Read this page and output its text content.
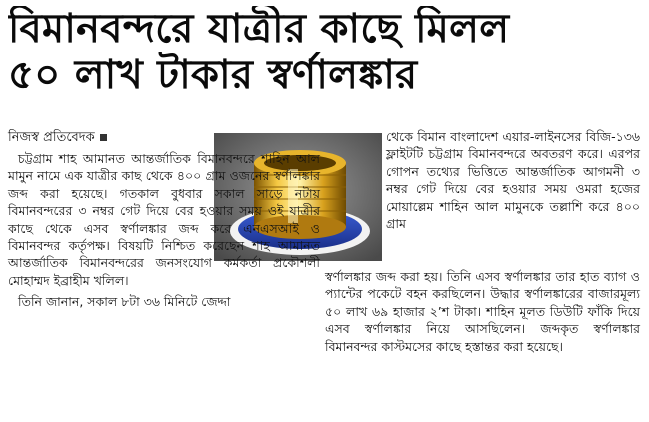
বিমানবন্দরে যাত্রীর কাছে মিলল
৫০ লাখ টাকার স্বর্ণালঙ্কার
নিজস্ব প্রতিবেদক

চট্টগ্রাম শাহ আমানত আন্তর্জাতিক বিমানবন্দরে শাহিন আল মামুন নামে এক যাত্রীর কাছ থেকে ৪০০ গ্রাম ওজনের স্বর্ণালঙ্কার জব্দ করা হয়েছে। গতকাল বুধবার সকাল সাড়ে নটায় বিমানবন্দরের ৩ নম্বর গেট দিয়ে বের হওয়ার সময় ওই যাত্রীর কাছে থেকে এসব স্বর্ণালঙ্কার জব্দ করে এনএসআই ও বিমানবন্দর কর্তৃপক্ষ। বিষয়টি নিশ্চিত করেছেন শাহ আমানত আন্তর্জাতিক বিমানবন্দরের জনসংযোগ কর্মকর্তা প্রকৌশলী মোহাম্মদ ইব্রাহীম খলিল।

তিনি জানান, সকাল ৮টা ৩৬ মিনিটে জেদ্দা

থেকে বিমান বাংলাদেশ এয়ার-লাইনসের বিজি-১৩৬ ফ্লাইটটি চট্টগ্রাম বিমানবন্দরে অবতরণ করে। এরপর গোপন তথ্যের ভিত্তিতে আন্তর্জাতিক আগমনী ৩ নম্বর গেট দিয়ে বের হওয়ার সময় ওমরা হজের মোয়াল্লেম শাহিন আল মামুনকে তল্লাশি করে ৪০০ গ্রাম

স্বর্ণালঙ্কার জব্দ করা হয়। তিনি এসব স্বর্ণালঙ্কার তার হাত ব্যাগ ও প্যান্টের পকেটে বহন করছিলেন। উদ্ধার স্বর্ণালঙ্কারের বাজারমূল্য ৫০ লাখ ৬৯ হাজার ২’শ টাকা। শাহিন মূলত ডিউটি ফাঁকি দিয়ে এসব স্বর্ণালঙ্কার নিয়ে আসছিলেন। জব্দকৃত স্বর্ণালঙ্কার বিমানবন্দর কাস্টমসের কাছে হস্তান্তর করা হয়েছে।
